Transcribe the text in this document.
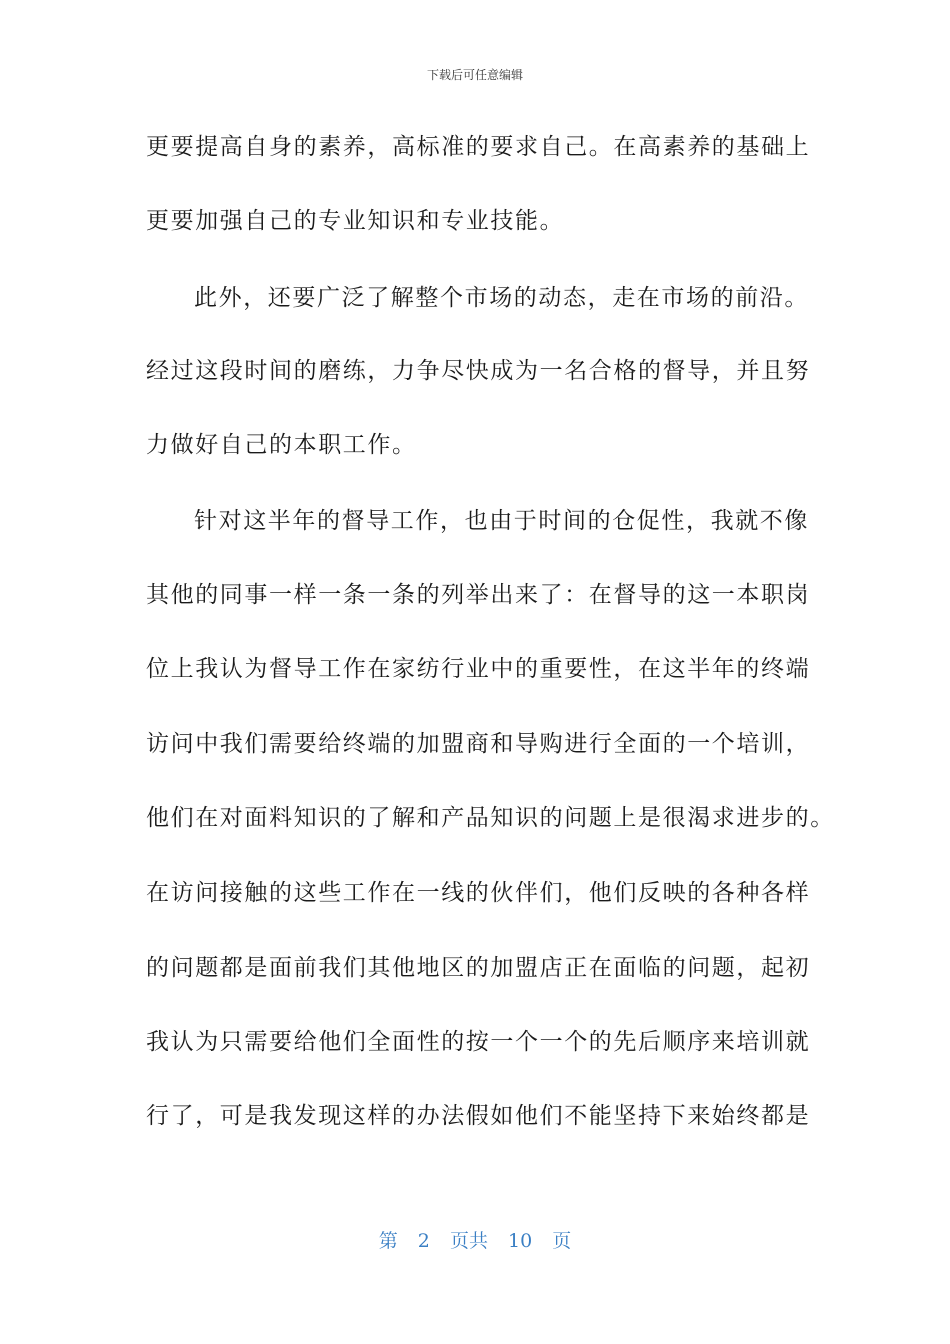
下载后可任意编辑
更要提高自身的素养，高标准的要求自己。在高素养的基础上
更要加强自己的专业知识和专业技能。
此外，还要广泛了解整个市场的动态，走在市场的前沿。
经过这段时间的磨练，力争尽快成为一名合格的督导，并且努
力做好自己的本职工作。
针对这半年的督导工作，也由于时间的仓促性，我就不像
其他的同事一样一条一条的列举出来了：在督导的这一本职岗
位上我认为督导工作在家纺行业中的重要性，在这半年的终端
访问中我们需要给终端的加盟商和导购进行全面的一个培训，
他们在对面料知识的了解和产品知识的问题上是很渴求进步的。
在访问接触的这些工作在一线的伙伴们，他们反映的各种各样
的问题都是面前我们其他地区的加盟店正在面临的问题，起初
我认为只需要给他们全面性的按一个一个的先后顺序来培训就
行了，可是我发现这样的办法假如他们不能坚持下来始终都是
第 2 页共 10 页
